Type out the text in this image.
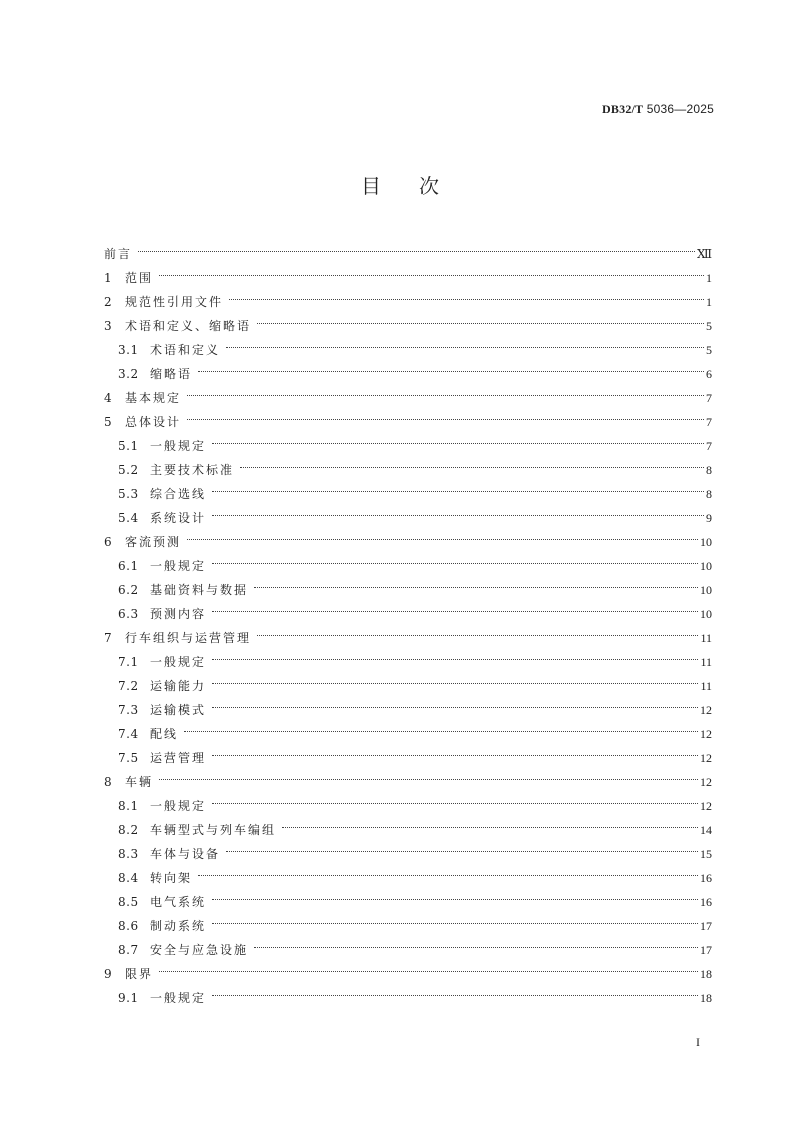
DB32/T 5036—2025
目次
前言	Ⅻ
1	范围	1
2	规范性引用文件	1
3	术语和定义、缩略语	5
3.1 术语和定义	5
3.2 缩略语	6
4	基本规定	7
5	总体设计	7
5.1 一般规定	7
5.2 主要技术标准	8
5.3 综合选线	8
5.4 系统设计	9
6	客流预测	10
6.1 一般规定	10
6.2 基础资料与数据	10
6.3 预测内容	10
7	行车组织与运营管理	11
7.1 一般规定	11
7.2 运输能力	11
7.3 运输模式	12
7.4 配线	12
7.5 运营管理	12
8	车辆	12
8.1 一般规定	12
8.2 车辆型式与列车编组	14
8.3 车体与设备	15
8.4 转向架	16
8.5 电气系统	16
8.6 制动系统	17
8.7 安全与应急设施	17
9	限界	18
9.1 一般规定	18
I
